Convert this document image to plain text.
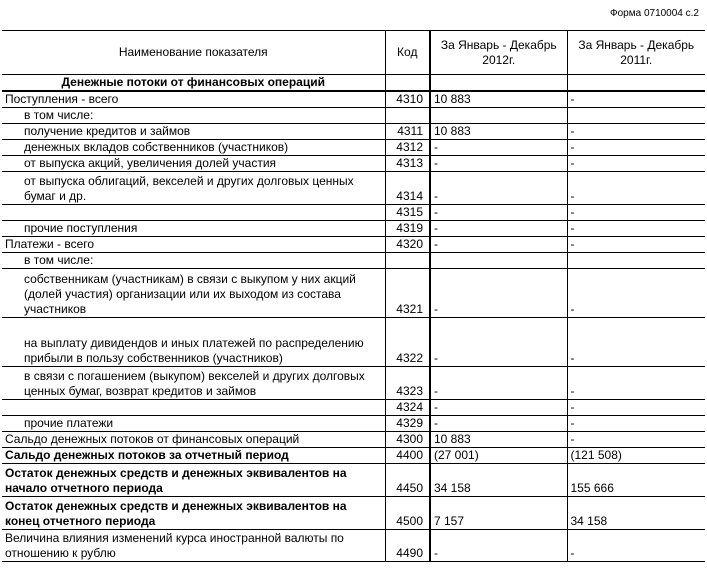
Форма 0710004 с.2
Наименование показателя	Код	За Январь - Декабрь 2012г.	За Январь - Декабрь 2011г.
Денежные потоки от финансовых операций			
Поступления - всего	4310	10 883	-
в том числе:			
получение кредитов и займов	4311	10 883	-
денежных вкладов собственников (участников)	4312	-	-
от выпуска акций, увеличения долей участия	4313	-	-

от выпуска облигаций, векселей и других долговых ценных бумаг и др.	4314	-	-
	4315	-	-
прочие поступления	4319	-	-
Платежи - всего	4320	-	-
в том числе:			

собственникам (участникам) в связи с выкупом у них акций (долей участия) организации или их выходом из состава участников	4321	-	-

на выплату дивидендов и иных платежей по распределению прибыли в пользу собственников (участников)	4322	-	-

в связи с погашением (выкупом) векселей и других долговых ценных бумаг, возврат кредитов и займов	4323	-	-
	4324	-	-
прочие платежи	4329	-	-
Сальдо денежных потоков от финансовых операций	4300	10 883	-
Сальдо денежных потоков за отчетный период	4400	(27 001)	(121 508)

Остаток денежных средств и денежных эквивалентов на начало отчетного периода	4450	34 158	155 666

Остаток денежных средств и денежных эквивалентов на конец отчетного периода	4500	7 157	34 158

Величина влияния изменений курса иностранной валюты по отношению к рублю	4490	-	-
